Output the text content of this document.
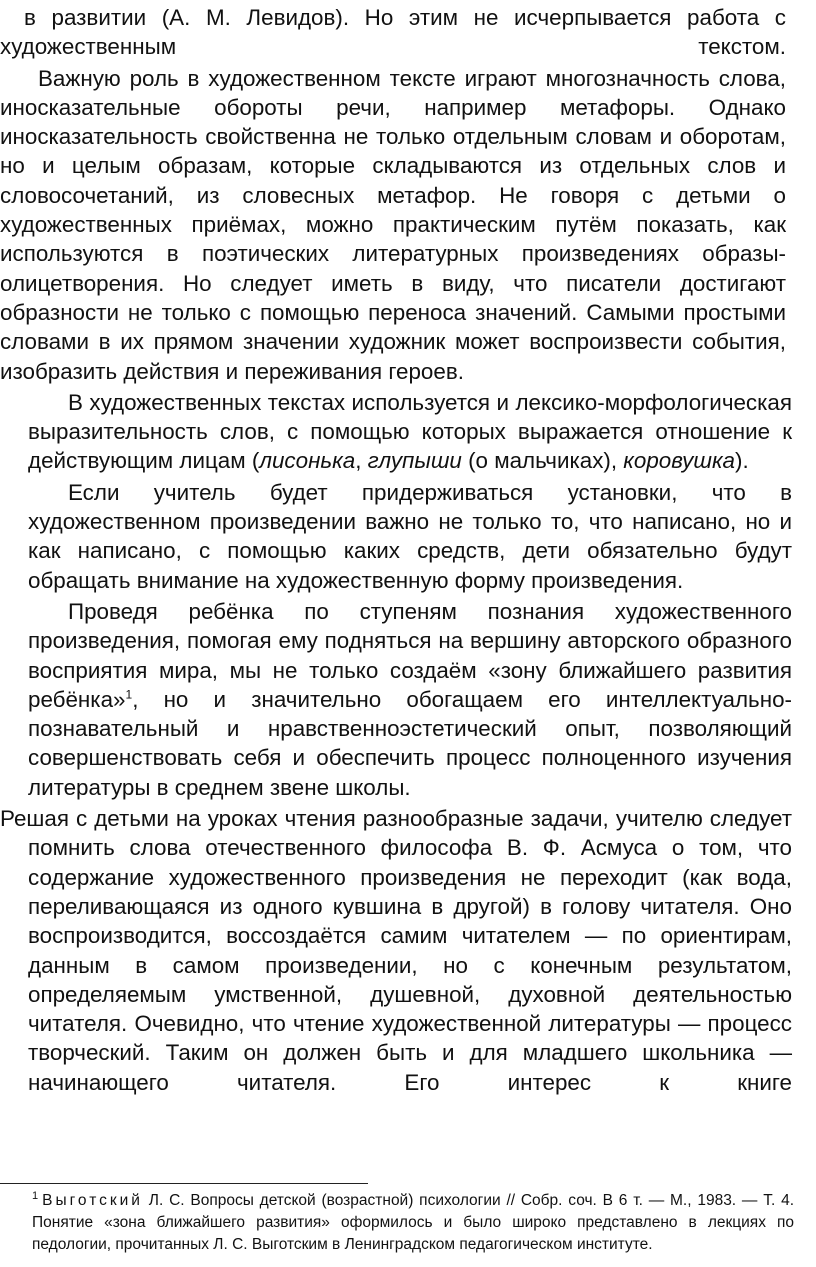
в развитии (А. М. Левидов). Но этим не исчерпывается работа с
художественным текстом.

Важную роль в художественном тексте играют многозначность слова, иносказательные обороты речи, например метафоры. Однако иносказательность свойственна не только отдельным словам и оборотам, но и целым образам, которые складываются из отдельных слов и словосочетаний, из словесных метафор. Не говоря с детьми о художественных приёмах, можно практическим путём показать, как используются в поэтических литературных произведениях образы-олицетворения. Но следует иметь в виду, что писатели достигают образности не только с помощью переноса значений. Самыми простыми словами в их прямом значении художник может воспроизвести события, изобразить действия и переживания героев.

В художественных текстах используется и лексико-морфологическая выразительность слов, с помощью которых выражается отношение к действующим лицам (лисонька, глупыши (о мальчиках), коровушка).

Если учитель будет придерживаться установки, что в художественном произведении важно не только то, что написано, но и как написано, с помощью каких средств, дети обязательно будут обращать внимание на художественную форму произведения.

Проведя ребёнка по ступеням познания художественного произведения, помогая ему подняться на вершину авторского образного восприятия мира, мы не только создаём «зону ближайшего развития ребёнка»$^1$, но и значительно обогащаем его интеллектуально-познавательный и нравственноэстетический опыт, позволяющий совершенствовать себя и обеспечить процесс полноценного изучения литературы в среднем звене школы.

Решая с детьми на уроках чтения разнообразные задачи, учителю следует помнить слова отечественного философа В. Ф. Асмуса о том, что содержание художественного произведения не переходит (как вода, переливающаяся из одного кувшина в другой) в голову читателя. Оно воспроизводится, воссоздаётся самим читателем — по ориентирам, данным в самом произведении, но с конечным результатом, определяемым умственной, душевной, духовной деятельностью читателя. Очевидно, что чтение художественной литературы — процесс творческий. Таким он должен быть и для младшего школьника — начинающего читателя. Его интерес к книге

$^1$ Выготский Л. С. Вопросы детской (возрастной) психологии // Собр. соч. В 6 т. — М., 1983. — Т. 4. Понятие «зона ближайшего развития» оформилось и было широко представлено в лекциях по педологии, прочитанных Л. С. Выготским в Ленинградском педагогическом институте.
